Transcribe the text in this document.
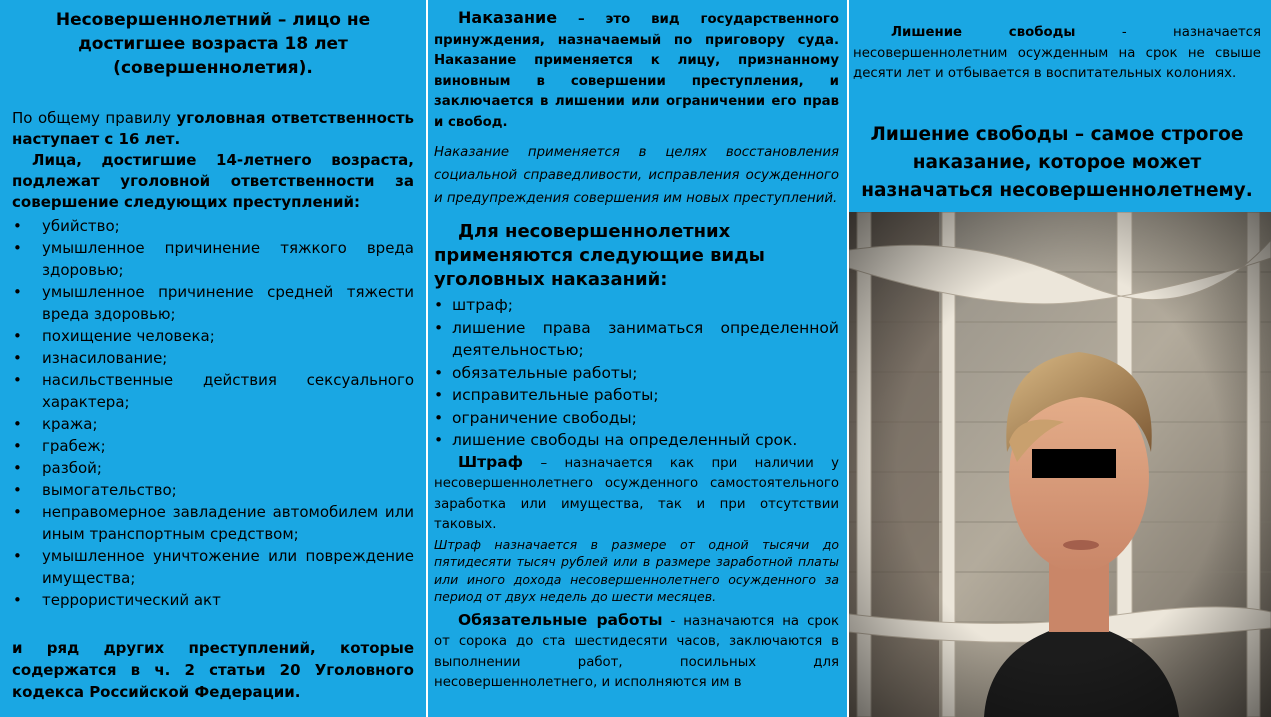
Несовершеннолетний – лицо не достигшее возраста 18 лет (совершеннолетия).

По общему правилу уголовная ответственность наступает с 16 лет.

Лица, достигшие 14-летнего возраста, подлежат уголовной ответственности за совершение следующих преступлений:

• убийство;
• умышленное причинение тяжкого вреда здоровью;
• умышленное причинение средней тяжести вреда здоровью;
• похищение человека;
• изнасилование;
• насильственные действия сексуального характера;
• кража;
• грабеж;
• разбой;
• вымогательство;
• неправомерное завладение автомобилем или иным транспортным средством;
• умышленное уничтожение или повреждение имущества;
• террористический акт

и ряд других преступлений, которые содержатся в ч. 2 статьи 20 Уголовного кодекса Российской Федерации.

Наказание – это вид государственного принуждения, назначаемый по приговору суда. Наказание применяется к лицу, признанному виновным в совершении преступления, и заключается в лишении или ограничении его прав и свобод.

Наказание применяется в целях восстановления социальной справедливости, исправления осужденного и предупреждения совершения им новых преступлений.

Для несовершеннолетних применяются следующие виды уголовных наказаний:

• штраф;
• лишение права заниматься определенной деятельностью;
• обязательные работы;
• исправительные работы;
• ограничение свободы;
• лишение свободы на определенный срок.

Штраф – назначается как при наличии у несовершеннолетнего осужденного самостоятельного заработка или имущества, так и при отсутствии таковых.

Штраф назначается в размере от одной тысячи до пятидесяти тысяч рублей или в размере заработной платы или иного дохода несовершеннолетнего осужденного за период от двух недель до шести месяцев.

Обязательные работы - назначаются на срок от сорока до ста шестидесяти часов, заключаются в выполнении работ, посильных для несовершеннолетнего, и исполняются им в

Лишение свободы - назначается несовершеннолетним осужденным на срок не свыше десяти лет и отбывается в воспитательных колониях.

Лишение свободы – самое строгое наказание, которое может назначаться несовершеннолетнему.
